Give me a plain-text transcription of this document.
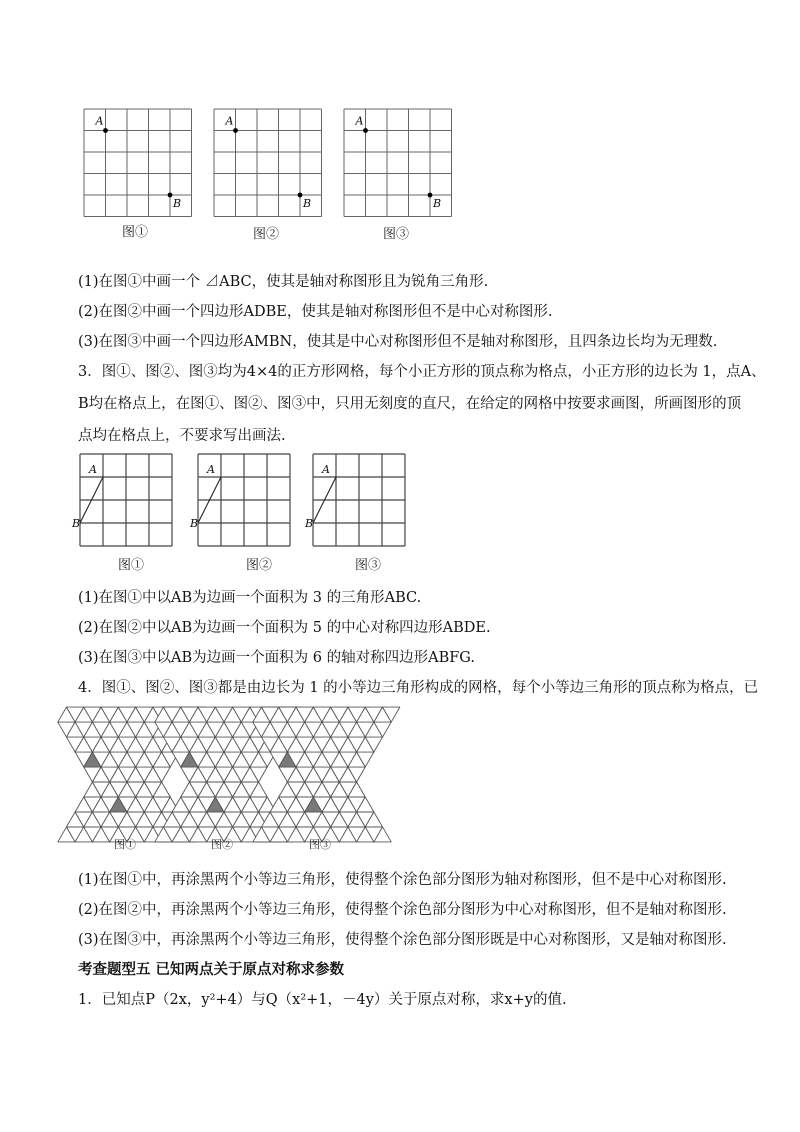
A
B
A
B
A
B
图①	图②	图③
(1)在图①中画一个 ⊿ABC，使其是轴对称图形且为锐角三角形.
(2)在图②中画一个四边形ADBE，使其是轴对称图形但不是中心对称图形.
(3)在图③中画一个四边形AMBN，使其是中心对称图形但不是轴对称图形，且四条边长均为无理数.
3．图①、图②、图③均为4×4的正方形网格，每个小正方形的顶点称为格点，小正方形的边长为 1，点A、
B均在格点上，在图①、图②、图③中，只用无刻度的直尺，在给定的网格中按要求画图，所画图形的顶
点均在格点上，不要求写出画法.
A
B
A
B
A
B
图①	图②	图③
(1)在图①中以AB为边画一个面积为 3 的三角形ABC.
(2)在图②中以AB为边画一个面积为 5 的中心对称四边形ABDE.
(3)在图③中以AB为边画一个面积为 6 的轴对称四边形ABFG.
4．图①、图②、图③都是由边长为 1 的小等边三角形构成的网格，每个小等边三角形的顶点称为格点，已
图①	图②	图③
(1)在图①中，再涂黑两个小等边三角形，使得整个涂色部分图形为轴对称图形，但不是中心对称图形.
(2)在图②中，再涂黑两个小等边三角形，使得整个涂色部分图形为中心对称图形，但不是轴对称图形.
(3)在图③中，再涂黑两个小等边三角形，使得整个涂色部分图形既是中心对称图形，又是轴对称图形.
考查题型五 已知两点关于原点对称求参数
1．已知点P（2x，y²+4）与Q（x²+1，－4y）关于原点对称，求x+y的值.
